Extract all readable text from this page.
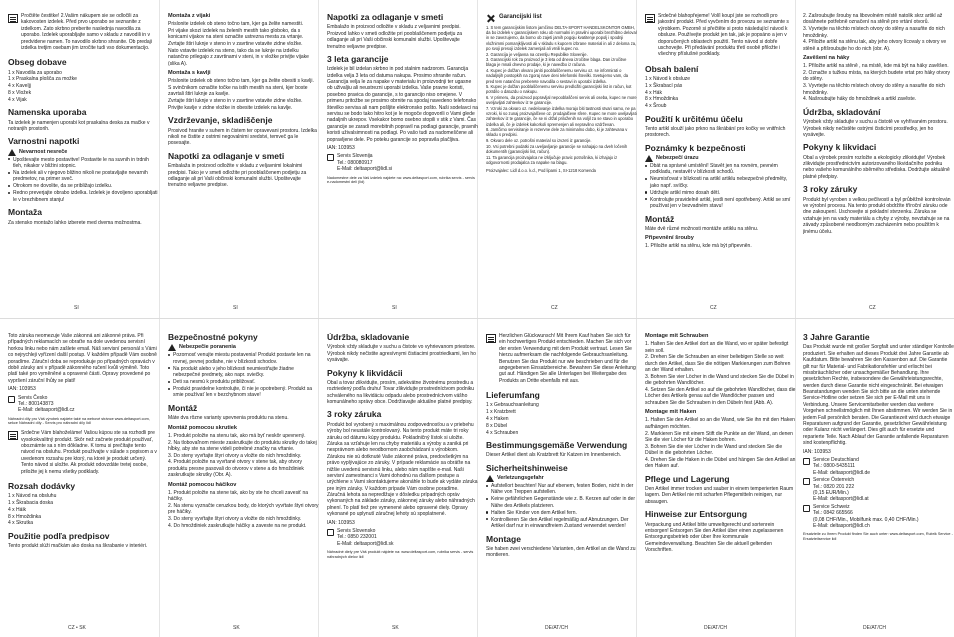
Pročtěte čestitke! 2.Vašim nákupem sie se odločili za kakovosten izdelek. Před prvo uporabo se seznanite z izdelkom. Zato skrbno preberite naslednja navodila za uporabo. Izdelek uporabljajte samo v skladu z navodili in v predvidene namen. To navodilo skrbno shranite. Ob predaji izdelka tretjim osebam jim izročite tudi vso dokumentacijo.
Obseg dobave
1 x Navodila za uporabo
1 x Praskalna plošča za možke
4 x Kaveljj
8 x Vložek
4 x Vijak
Namenska uporaba
Ta izdelek je namenjen uporabi kot praskalna deska za mačke v notranjih prostorih.
Varnostni napotki
Nevarnost nesreče
Upoštevajte mesto postavitve! Postavite le na suvnih in trdnih tleh, nikakor v bližini stopnic.
Na izdelek ali v njegovo bližino nikoli ne postavljajte nevarnih predmetov, na primer sveč.
Otrokom ne dovolite, da se približajo izdelku.
Redno preverjajte obrabo izdelka. Izdelek je dovoljeno uporabljati le v brezhibnem stanju!
Montaža
Za stensko montažo lahko izberete med dvema možnostma.
SI
Montaža z vijaki
Prislonite izdelek ob steno točno tam, kjer ga želite namestiti.
Pri vijake skozi izdelek na želenih mestih tako globoko, da s konicami vijakov na steni označite ustrezna mesta za vrtanje.
Zvrtajte štiri luknje v steno in v zavrtine vstavite zidne vložke.
Nato vstavite izdelek na steno, tako da se luknje na izdelku natančno prilegajo z zavrtinami v steni, in v vložke privijte vijake (slika A).
Montaža s kavlji
Prislonite izdelek ob steno točno tam, kjer ga želite obesiti s kavlji.
S svinčnikom označite točke na istih mestih na steni, kjer boste zavrtali štiri luknje za kavlje.
Zvrtajte štiri luknje v steno in v zavrtine vstavite zidne vložke.
Privijte kavlje v zidne vložke in obesite izdelek na kavlje.
Vzdrževanje, skladiščenje
Prosivod hranite v suhem in čistem ter opravevani prostoru. Izdelka nikoli ne čistite z ostrimi negovalnimi sredstvi, temveč ga le posesajte.
Napotki za odlaganje v smeti
Embalaža in proizvod odložite v skladu z veljavnimi lokalnimi predpisi. Tako je v smeti odložite pri pooblaščenem podjetju za odlaganje ali pri Vaši občinski komunalni službi. Upoštevajte trenutno veljavne predpise.
SI
Napotki za odlaganje v smeti
Embalažo in proizvod odložite v skladu z veljavnimi predpisi. Proizvod lahko v smeti odložite pri pooblaščenem podjetju za odlaganje ali pri Vaši občinski komunalni službi. Upoštevajte trenutno veljavne predpise.
3 leta garancije
Izdelek je bil izdelan skrbno in pod stalnim nadzorom. Garancija izdelka velja 3 leta od datuma nakupa. Prosimo shranite račun. Garancija velja le za napake v materialu in proizvodnji ter ugasne ob uživaljiu ali neustrezni uporabi izdelka. Vaše pravne koristi, posebno pravica do garancije, s to garancijo niso omejene. V primeru pritožbe se prosimo obrnite na spodaj navedeno telefonsko številko servisa ali nam pošljite elektronsko pošto. Naši sodelavci na servisu se bodo tako hitro kot je le mogoče dogovorili o Vami glede nadaljnih ukrepov. Vsekakor bomo osebno stopili v stik z Vami. Čas garancije se zaradi morebitnih popravil na podlagi garancije, pravnih koristi uživalsimnosti na podlagi. Po vašo tudi za nadomeščene ali popravljene dele. Po poteku garancije so popravila plačljiva.
IAN: 103953
Servis Slovenija
Tel.: 080080917
E-Mail: deltasport@lidl.si
Nadomestne dele za Vaš izdelek najdete na: www.deltasport.com, rubrika servis - servis e-nadomestni deli (lid)
SI
Garancijski list
1. S tem garancijskim listom jamčimo DELTA-SPORT HANDELSKONTOR GMBH, da bo izdelek v garancijskem roku ob normalni in pravilni uporabi brezhibno deloval in se zavezujemo, da bomo ob zajeti jamih pogoju kvatitenje popolj i spodnji vložnimmi pomanjkljivosti ali v skladu s kupcem izbrane material in ali z deloma za, po svoji presoji izdelek zamenjali ali vrnili kupec no.
2. Garancija je veljavna na ozemlju Republike Slovenije.
3. Garancijski rok za proizvod je 3 leta od dneva izročitve blaga. Dan izročitve blaga je mnali dnevno prodaje, ki je navedbo iz računa.
4. Kupec je dolžan okvaro janiti pooblaščenemu servisu oz. se informirati o nadaljnjih postopkih na zgoraj nave deni telefonski številki. Svetujemo vam, da pred tem natančno preberete navodila o sestavi in uporabi izdelka.
5. Kupec je dolžan pooblaščenemu servisu predložiti garancijski list in račun, kot potrdilo o datuzdu o nakupu.
6. V primeru, da proizvod popravljal nepooblaščeni servis ali oseba, kupec ne more uveljavljati zahtevkov iz te garancije.
7. Vzroki za okvaro oz. nedelovanje izdelka morajo biti tastnosti stvari samo, ne pa vzroki, ki so zunaj proizvajalčeve oz. prodajalčeve sfere. Kupec ne more uveljavljati zahtevkov iz te garancije, če se ni držal priloženih na voljil za se stavo in uporabo izdelka ali, če je izdelek kakorkoli spremenjen ali nepravilno vzdrževan.
8. Jamčimo servisiranje in rezervne dele za minimalno dobo, ki je zahtevana v skladu s predpisi.
9. Okvaro dele oz. potrošni material so izvzeti iz garancije.
10. Vsi potrebni podatki za uveljavljanje garancije se nahajajo na dveh ločenih dokumentih (garancijski list, račun).
11. Ta garancija proizvajalca ne izključuje pravic potrošnika, ki izhajajo iz odgovornosti prodajalca za napake na blagu.
Proizvajalec: Lidl d.o.o. k.d., Pod lipami 1, SI-1218 Komenda
CZ
Srdečné blahopřejeme! Volíl koupí jste se rozhodli pro jakostní produkt. Před vyvčením do provozu se seznamte s výrobkem. Pozorně si přečtěte si proto následující návod k obsluze. Používejte produkt jen tak, jak je popsáno a jen v doporučených oblastech použití. Tento návod si dobře uschovejte. Při předávání produktu třetí osobě přiložte i všechny příslušné podklady.
Obsah balení
1 x Návod k obsluze
1 x Škrabací pás
4 x Hák
8 x Hmoždinka
4 x Šroub
Použití k určitému účelu
Tento artikl slouží jako prkno na škrábání pro kočky ve vnitřních prostorech.
Poznámky k bezpečnosti
Nebezpečí úrazu
Dbát na správné umístění! Stavět jen na rovném, pevném podkladu, nestavět v blízkosti schodů.
Neumisťovat v blízkosti na artikl artiklu nebezpečné předměty, jako např. svíčky.
Udržujte artikl mimo dosah dětí.
Kontrolujte pravidelně artikl, jestli není opotřebený. Artikl se smí používat jen v bezvadném stavu!
Montáž
Máte dvě různé možnosti montáže artiklu na stěnu.
Připevnění šrouby
1. Přiložte artikl na stěnu, kde má být připevněn.
CZ
2. Zašroubujte šrouby na libovolném místě natolik skrz artikl až dosáhnete potřebně označení na stěně pro vrtání otvorů.
3. Vyvrtejte na těchto místech otvory do stěny a nasuňte do nich hmoždinky.
4. Přiložte artikl na stěnu tak, aby jeho otvory lícovaly s otvory ve stěně a přišroubujte ho do nich (obr. A).
Zavěšení na háky
1. Přiložte artikl na stěně , na místě, kde má být na háky zavěšen.
2. Označte s tužkou místa, na kterých budete vrtat pro háky otvory do stěny.
3. Vyvrtejte na těchto místech otvory do stěny a nasuňte do nich hmoždinky.
4. Našroubujte háky do hmoždinek a artikl zavěste.
Údržba, skladování
Výrobek vždy skladujte v suchu a čistotě ve vyhřívaném prostoru. Výrobek nikdy nečistěte ostrými čisticími prostředky, jen ho vysávejte.
Pokyny k likvidaci
Obal a výrobek prosím rozložte a ekologicky zlikvidujte! Výrobek zlikvidujte prostřednictvím autorizovaného likvidačního podniku nebo vašeho komunálního sběrného střediska. Dodržujte aktuálně platné předpisy.
3 roky záruky
Produkt byl vyroben s velkou pečlivostí a byl průběžně kontrolován ve výrobní procesu. Na tento produkt obdržíte tříroční záruku ode dne zakoupení. Uschovejte si pokladní stvrzenku. Záruka se vztahuje jen na vady materiálu a chyby z výroby, nevztahuje se na závady způsobené neodborným zacházením nebo použitím k jinému účelu.
CZ
Toto záruka neomezuje Vaše zákonná ani zákonné práva. Při případných reklamacích se obraťte na dole uvedenou servisní horkou linku nebo nám zašlete email. Náš servisní personál s Vámi co nejrychleji vyřízení další postup. V každém případě Vám osobně poradíme. Záruční doba se reprodukuje po případných opravách v době záruky ani v případě zákonného ručení kvůli výměně. Toto platí také pro vyměněné a opravené části. Opravy provedené po vypršení záruční lhůty se platí!
IAN: 103953
Servis Česko
Tel.: 800143873
E-Mail: deltasport@lidl.cz
Náhradní díly pro Váš výrobek najdete také na webové stránce www.deltasport.com, sekce Náhradní díly - Servis pro náhradní díly lidl
Srdečne Vám blahoželáme! Vašou kúpou ste sa rozhodli pre vysokokvalitný produkt. Skôr než začnete produkt používať, oboznámte sa s ním dôkladne. K tomu si prečítajte tento návod na obsluhu. Produkt používajte v súlade s popisom a v uvedenom rozsahu pre ktorý, na ktoré je produkt určený. Tento návod si uložte. Ak produkt odovzdáte tretej osobe, priložte jej k nemu všetky podklady.
Rozsah dodávky
1 x Návod na obsluhu
1 x Škrabacia doska
4 x Háik
8 x Hmoždinka
4 x Skrutka
Použitie podľa predpisov
Tento produkt slúži mačkám ako doska na škrabanie v interiéri.
CZ • SK
Bezpečnostné pokyny
Nebezpečie poranenia
Pozornosť venujte miestu postavenia! Produkt postavte len na rovnej, pevnej podlahe, nie v blízkosti schodov.
Na produkt alebo v jeho blízkosti neumiestňujte žiadne nebezpečné predmety, ako napr. sviečky.
Deti sa nesmú k produktu približovať.
Produkt pravidelne kontrolujte, či nie je opotrebený. Produkt sa smie používať len v bezchybnom stave!
Montáž
Máte dva rôzne varianty upevnenia produktu na stenu.
Montáž pomocou skrutiek
1. Produkt položte na stenu tak, ako má byť neskôr upevnený.
2. Na tlobovaľnom mieste zaskrutkujte do produktu skrutky do takej hĺbky, aby ste na stene videli potrebné značky na vŕtanie.
3. Do steny vyvŕtajte štyri otvory a vložte do nich hmoždinky.
4. Produkt položte na vyvŕtané otvory v stene tak, aby otvory produktu presne pasovali do otvorov v stene a do hmoždiniek zaskrutkujte skrutky (Obr. A).
Montáž pomocou háčikov
1. Produkt položte na stene tak, ako by ste ho chceli zavesiť na háčiky.
2. Na stenu vyznačte ceruzkou body, do ktorých vyvŕtate štyri otvory pre háčiky.
3. Do steny vyvŕtajte štyri otvory a vložte do nich hmoždinky.
4. Do hmoždiniek zaskrutkujte háčiky a zaveste na ne produkt.
SK
Údržba, skladovanie
Výrobok vždy skladujte v suchu a čistote vo vyhrievanom priestore. Výrobok nikdy nečistite agresívnymi čistiacimi prostriedkami, len ho vysávajte.
Pokyny k likvidácii
Obal a tovar zlikvidujte, prosím, adekvátne životnému prostrediu a roztriedený podľa druhu! Tovar zlikvidujte prostredníctvom podniku schváleného na likvidáciu odpadu alebo prostredníctvom vášho komunálneho správy obce. Dodržiavajte aktuálne platné predpisy.
3 roky záruka
Produkt bol vyrobený s maximálnou zodpovednosťou a v priebehu výroby bol neustále kontrolovaný. Na tento produkt máte tri roky záruku od dátumu kúpy produktu. Pokladničný lístok si uložte. Záruka sa vzťahuje len na chyby materiálu a výroby a zaniká pri nesprávnom alebo neodbornom zaobchádzaní s výrobkom. Zárukou nie sú dotknuté Vaše zákonné práva, predovšetkým na právo vyplývajúce zo záruky. V prípade reklamácie sa obráťte na nižšie uvedenú servisnú linku, alebo nám napíšte e-mail. Naši servisní zamestnanci s Vami dohodnú na ďalšom postupe a urýchlene s Vami skontaktujeme akonáhle to bude ak vydáte záruka pre iným záruky. V každom prípade Vám osobne poradíme. Záručná lehota sa nepredlžuje v dôsledku prípadných opráv vykonaných na základe záruky, zákonnej záruky alebo náhradných plnení. To platí tiež pre vymenené alebo opravené diely. Opravy vykonané po uplynutí záručnej lehoty sú spoplatnené.
IAN: 103953
Servis Slovensko
Tel.: 0850 232001
E-Mail: deltasport@lidl.sk
Náhradné diely pre Váš produkt nájdete na: www.deltasport.com, rubrika servis - servis náhradných dielov lidl
SK
Herzlichen Glückwunsch! Mit Ihrem Kauf haben Sie sich für ein hochwertiges Produkt entschieden. Machen Sie sich vor der ersten Verwendung mit dem Produkt vertraut. Lesen Sie hierzu aufmerksam die nachfolgende Gebrauchsanleitung. Benutzen Sie das Produkt nur wie beschrieben und für die angegebenen Einsatzbereiche. Bewahren Sie diese Anleitung gut auf. Händigen Sie alle Unterlagen bei Weitergabe des Produkts an Dritte ebenfalls mit aus.
Lieferumfang
1 x Gebrauchsanleitung
1 x Kratzbrett
4 x Haken
8 x Dübel
4 x Schrauben
Bestimmungsgemäße Verwendung
Dieser Artikel dient als Kratzbrett für Katzen im Innenbereich.
Sicherheitshinweise
Verletzungsgefahr
Aufstellort beachten! Nur auf ebenem, festen Boden, nicht in der Nähe von Treppen aufstellen.
Keine gefährlichen Gegenstände wie z. B. Kerzen auf oder in der Nähe des Artikels platzieren.
Halten Sie Kinder von dem Artikel fern.
Kontrollieren Sie den Artikel regelmäßig auf Abnutzungen. Der Artikel darf nur in einwandfreiem Zustand verwendet werden!
Montage
Sie haben zwei verschiedene Varianten, den Artikel an die Wand zu montieren.
DE/AT/CH
Montage mit Schrauben
1. Halten Sie den Artikel dort an die Wand, wo er später befestigt sein soll.
2. Drehen Sie die Schrauben an einer beliebigen Stelle so weit durch den Artikel, dass Sie die nötigen Markierungen zum Bohren an der Wand erhalten.
3. Bohren Sie vier Löcher in die Wand und stecken Sie die Dübel in die gebohrten Wandlöcher.
4. Setzen Sie den Artikel so auf die gebohrten Wandlöcher, dass die Löcher des Artikels genau auf die Wandlöcher passen und schrauben Sie die Schrauben in den Dübeln fest (Abb. A).
Montage mit Haken
1. Halten Sie den Artikel so an die Wand, wie Sie ihn mit den Haken aufhängen möchten.
2. Markieren Sie mit einem Stift die Punkte an der Wand, an denen Sie die vier Löcher für die Haken bohren.
3. Bohren Sie die vier Löcher in die Wand und stecken Sie die Dübel in die gebohrten Löcher.
4. Drehen Sie die Haken in die Dübel und hängen Sie den Artikel an den Haken auf.
Pflege und Lagerung
Den Artikel immer trocken und sauber in einem temperierten Raum lagern. Den Artikel nie mit scharfen Pflegemitteln reinigen, nur absaugen.
Hinweise zur Entsorgung
Verpackung und Artikel bitte umweltgerecht und sortenrein entsorgen! Entsorgen Sie den Artikel über einen zugelassenen Entsorgungsbetrieb oder über Ihre kommunale Gemeindeverwaltung. Beachten Sie die aktuell geltenden Vorschriften.
DE/AT/CH
3 Jahre Garantie
Das Produkt wurde mit großer Sorgfalt und unter ständiger Kontrolle produziert. Sie erhalten auf dieses Produkt drei Jahre Garantie ab Kaufdatum. Bitte bewahren Sie den Kassenbon auf. Die Garantie gilt nur für Material- und Fabrikationsfehler und erlischt bei missbräuchlicher oder unsachgemäßer Behandlung. Ihre gesetzlichen Rechte, insbesondere die Gewährleistungsrechte, werden durch diese Garantie nicht eingeschränkt. Bei etwaigen Beanstandungen wenden Sie sich bitte an die unten stehende Service-Hotline oder setzen Sie sich per E-Mail mit uns in Verbindung. Unsere Servicemitarbeiter werden das weitere Vorgehen schnellstmöglich mit Ihnen abstimmen. Wir werden Sie in jedem Fall persönlich beraten. Die Garantiezeit wird durch etwaige Reparaturen aufgrund der Garantie, gesetzlicher Gewährleistung oder Kulanz nicht verlängert. Dies gilt auch für ersetzte und reparierte Teile. Nach Ablauf der Garantie anfallende Reparaturen sind kostenpflichtig.
IAN: 103953
Service Deutschland
Tel.: 0800-5435111
E-Mail: deltasport@lidl.de
Service Österreich
Tel.: 0820 201 222
(0,15 EUR/Min.)
E-Mail: deltasport@lidl.at
Service Schweiz
Tel.: 0842 665566
(0,08 CHF/Min., Mobilfunk max. 0,40 CHF/Min.)
E-Mail: deltasport@lidl.ch
Ersatzteile zu Ihrem Produkt finden Sie auch unter: www.deltasport.com, Rubrik Service - Ersatzteilservice lidl
DE/AT/CH
